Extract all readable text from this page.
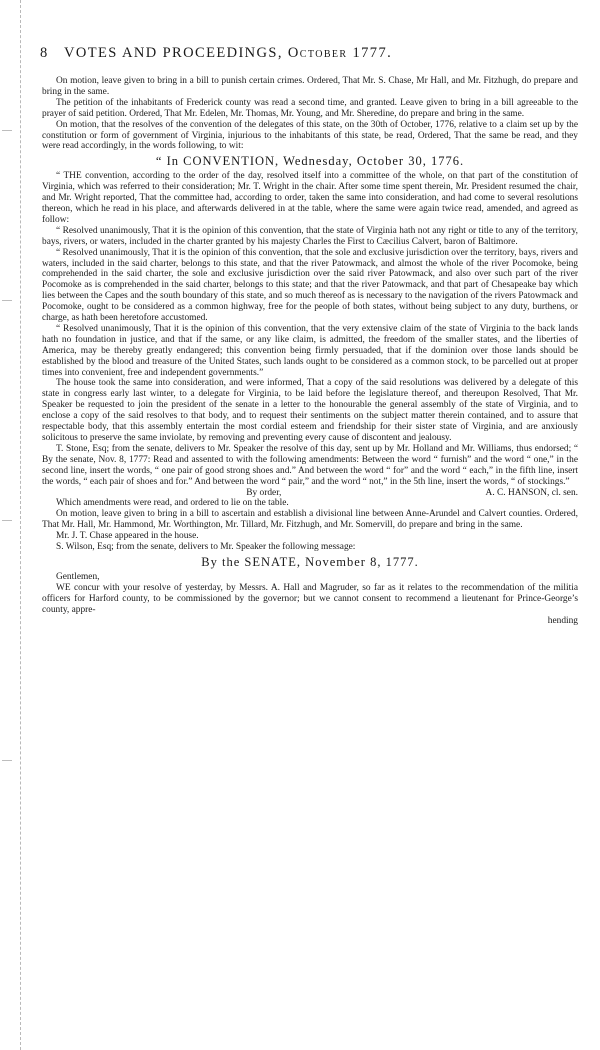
8 VOTES AND PROCEEDINGS, October 1777.

On motion, leave given to bring in a bill to punish certain crimes. Ordered, That Mr. S. Chase, Mr Hall, and Mr. Fitzhugh, do prepare and bring in the same.

The petition of the inhabitants of Frederick county was read a second time, and granted. Leave given to bring in a bill agreeable to the prayer of said petition. Ordered, That Mr. Edelen, Mr. Thomas, Mr. Young, and Mr. Sheredine, do prepare and bring in the same.

On motion, that the resolves of the convention of the delegates of this state, on the 30th of October, 1776, relative to a claim set up by the constitution or form of government of Virginia, injurious to the inhabitants of this state, be read, Ordered, That the same be read, and they were read accordingly, in the words following, to wit:

“ In CONVENTION, Wednesday, October 30, 1776.

“ THE convention, according to the order of the day, resolved itself into a committee of the whole, on that part of the constitution of Virginia, which was referred to their consideration; Mr. T. Wright in the chair. After some time spent therein, Mr. President resumed the chair, and Mr. Wright reported, That the committee had, according to order, taken the same into consideration, and had come to several resolutions thereon, which he read in his place, and afterwards delivered in at the table, where the same were again twice read, amended, and agreed as follow:

“ Resolved unanimously, That it is the opinion of this convention, that the state of Virginia hath not any right or title to any of the territory, bays, rivers, or waters, included in the charter granted by his majesty Charles the First to Cæcilius Calvert, baron of Baltimore.

“ Resolved unanimously, That it is the opinion of this convention, that the sole and exclusive jurisdiction over the territory, bays, rivers and waters, included in the said charter, belongs to this state, and that the river Patowmack, and almost the whole of the river Pocomoke, being comprehended in the said charter, the sole and exclusive jurisdiction over the said river Patowmack, and also over such part of the river Pocomoke as is comprehended in the said charter, belongs to this state; and that the river Patowmack, and that part of Chesapeake bay which lies between the Capes and the south boundary of this state, and so much thereof as is necessary to the navigation of the rivers Patowmack and Pocomoke, ought to be considered as a common highway, free for the people of both states, without being subject to any duty, burthens, or charge, as hath been heretofore accustomed.

“ Resolved unanimously, That it is the opinion of this convention, that the very extensive claim of the state of Virginia to the back lands hath no foundation in justice, and that if the same, or any like claim, is admitted, the freedom of the smaller states, and the liberties of America, may be thereby greatly endangered; this convention being firmly persuaded, that if the dominion over those lands should be established by the blood and treasure of the United States, such lands ought to be considered as a common stock, to be parcelled out at proper times into convenient, free and independent governments.”

The house took the same into consideration, and were informed, That a copy of the said resolutions was delivered by a delegate of this state in congress early last winter, to a delegate for Virginia, to be laid before the legislature thereof, and thereupon Resolved, That Mr. Speaker be requested to join the president of the senate in a letter to the honourable the general assembly of the state of Virginia, and to enclose a copy of the said resolves to that body, and to request their sentiments on the subject matter therein contained, and to assure that respectable body, that this assembly entertain the most cordial esteem and friendship for their sister state of Virginia, and are anxiously solicitous to preserve the same inviolate, by removing and preventing every cause of discontent and jealousy.

T. Stone, Esq; from the senate, delivers to Mr. Speaker the resolve of this day, sent up by Mr. Holland and Mr. Williams, thus endorsed; “ By the senate, Nov. 8, 1777: Read and assented to with the following amendments: Between the word “ furnish” and the word “ one,” in the second line, insert the words, “ one pair of good strong shoes and.” And between the word “ for” and the word “ each,” in the fifth line, insert the words, “ each pair of shoes and for.” And between the word “ pair,” and the word “ not,” in the 5th line, insert the words, “ of stockings.”

By order,	A. C. HANSON, cl. sen.

Which amendments were read, and ordered to lie on the table.

On motion, leave given to bring in a bill to ascertain and establish a divisional line between Anne-Arundel and Calvert counties. Ordered, That Mr. Hall, Mr. Hammond, Mr. Worthington, Mr. Tillard, Mr. Fitzhugh, and Mr. Somervill, do prepare and bring in the same.

Mr. J. T. Chase appeared in the house.

S. Wilson, Esq; from the senate, delivers to Mr. Speaker the following message:

By the SENATE, November 8, 1777.

Gentlemen,

WE concur with your resolve of yesterday, by Messrs. A. Hall and Magruder, so far as it relates to the recommendation of the militia officers for Harford county, to be commissioned by the governor; but we cannot consent to recommend a lieutenant for Prince-George’s county, appre-

hending
